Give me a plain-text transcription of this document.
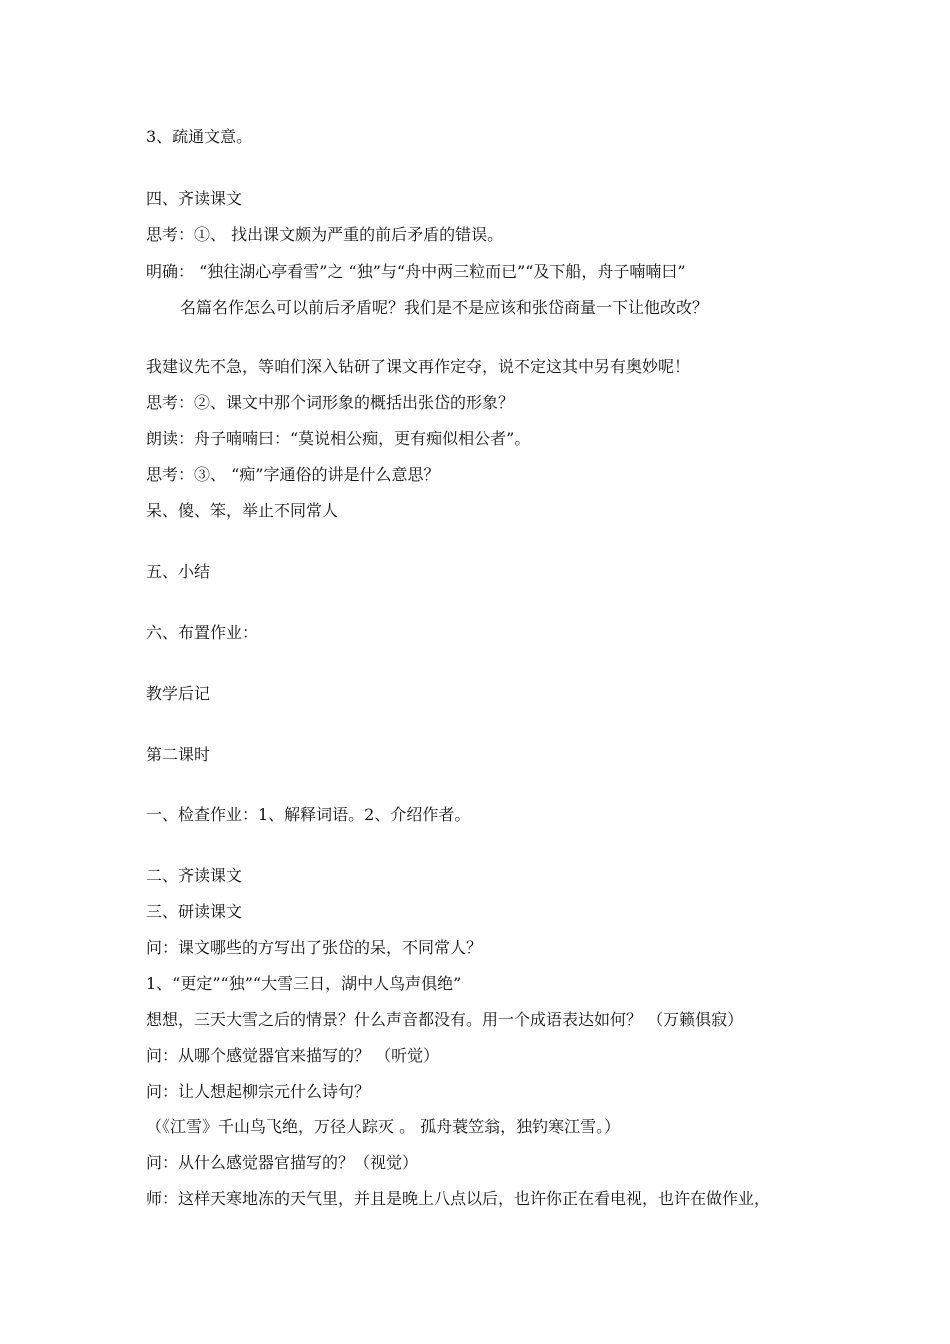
3、疏通文意。
四、齐读课文
思考：①、 找出课文颇为严重的前后矛盾的错误。
明确： “独往湖心亭看雪”之 “独”与“舟中两三粒而已”“及下船，舟子喃喃曰”
名篇名作怎么可以前后矛盾呢？我们是不是应该和张岱商量一下让他改改？
我建议先不急，等咱们深入钻研了课文再作定夺，说不定这其中另有奥妙呢！
思考：②、课文中那个词形象的概括出张岱的形象？
朗读：舟子喃喃曰：“莫说相公痴，更有痴似相公者”。
思考：③、 “痴”字通俗的讲是什么意思？
呆、傻、笨，举止不同常人
五、小结
六、布置作业：
教学后记
第二课时
一、检查作业：1、解释词语。2、介绍作者。
二、齐读课文
三、研读课文
问：课文哪些的方写出了张岱的呆，不同常人？
1、“更定”“独”“大雪三日，湖中人鸟声俱绝”
想想，三天大雪之后的情景？什么声音都没有。用一个成语表达如何？ （万籁俱寂）
问：从哪个感觉器官来描写的？ （听觉）
问：让人想起柳宗元什么诗句？
（《江雪》千山鸟飞绝，万径人踪灭 。 孤舟蓑笠翁，独钓寒江雪。）
问：从什么感觉器官描写的？（视觉）
师：这样天寒地冻的天气里，并且是晚上八点以后，也许你正在看电视，也许在做作业，
